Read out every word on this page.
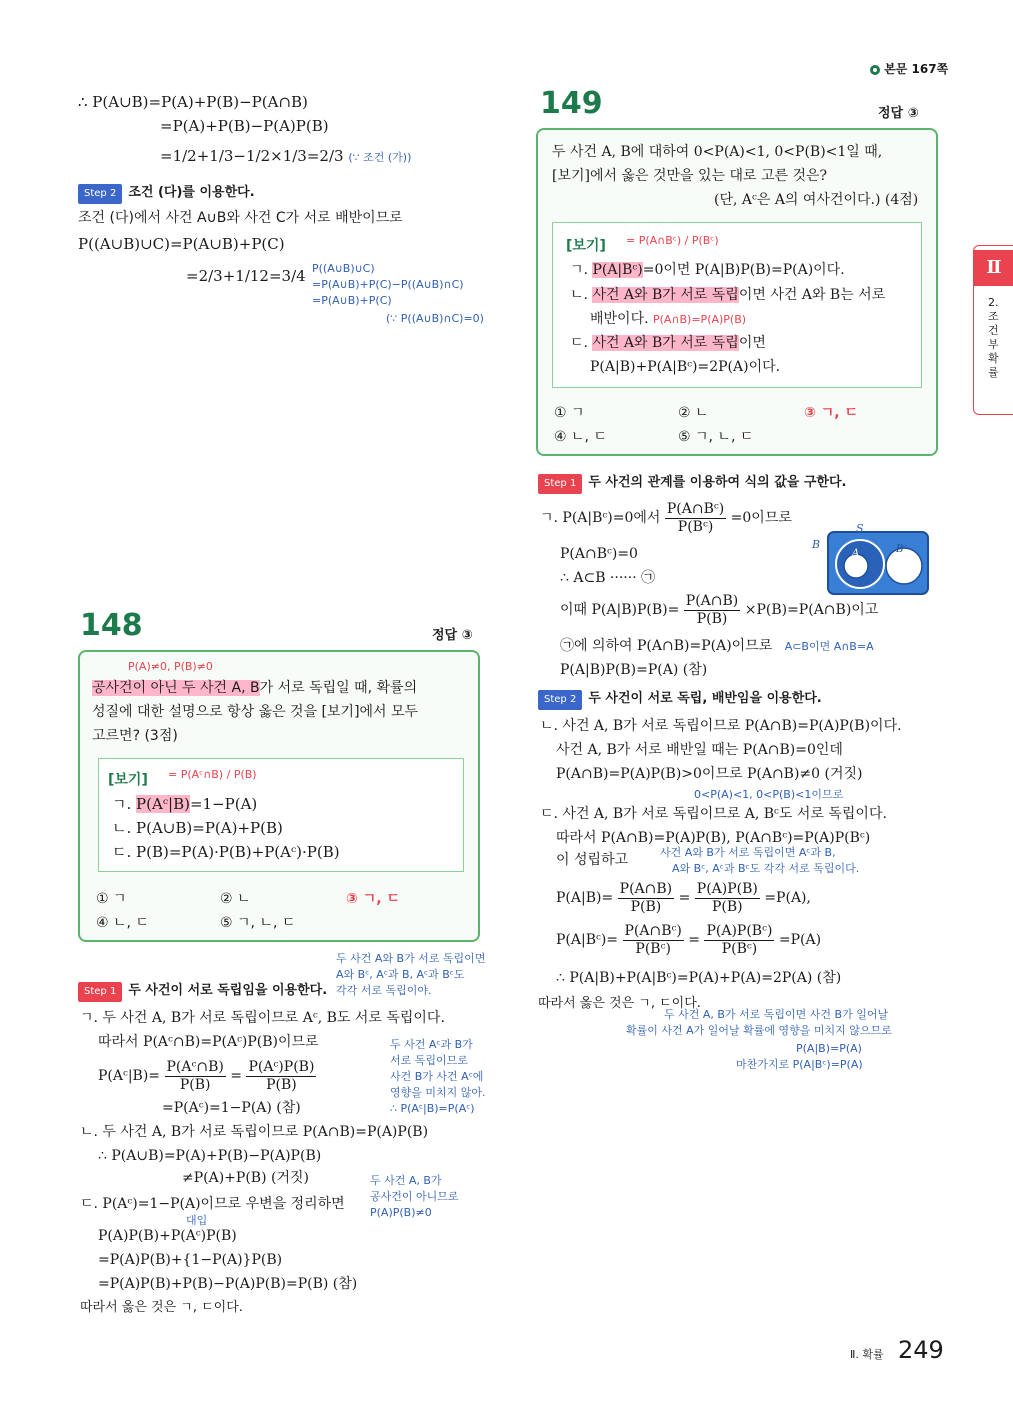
본문 167쪽
Ⅱ
2.조건부확률
∴ P(A∪B)=P(A)+P(B)−P(A∩B)
=P(A)+P(B)−P(A)P(B)
=1/2+1/3−1/2×1/3=2/3 (∵ 조건 (가))
Step 2 조건 (다)를 이용한다.
조건 (다)에서 사건 A∪B와 사건 C가 서로 배반이므로
P((A∪B)∪C)=P(A∪B)+P(C)
=2/3+1/12=3/4 P((A∪B)∪C)
=P(A∪B)+P(C)−P((A∪B)∩C)
=P(A∪B)+P(C)
(∵ P((A∪B)∩C)=0)
148	정답 ③
P(A)≠0, P(B)≠0
공사건이 아닌 두 사건 A, B가 서로 독립일 때, 확률의
성질에 대한 설명으로 항상 옳은 것을 [보기]에서 모두
고르면? (3점)
[보기] = P(Aᶜ∩B) / P(B)
ㄱ. P(Aᶜ|B)=1−P(A)
ㄴ. P(A∪B)=P(A)+P(B)
ㄷ. P(B)=P(A)·P(B)+P(Aᶜ)·P(B)
① ㄱ	② ㄴ	③ ㄱ, ㄷ
④ ㄴ, ㄷ	⑤ ㄱ, ㄴ, ㄷ
두 사건 A와 B가 서로 독립이면
A와 Bᶜ, Aᶜ과 B, Aᶜ과 Bᶜ도
각각 서로 독립이야.
Step 1 두 사건이 서로 독립임을 이용한다.
ㄱ. 두 사건 A, B가 서로 독립이므로 Aᶜ, B도 서로 독립이다.
따라서 P(Aᶜ∩B)=P(Aᶜ)P(B)이므로
P(Aᶜ|B)= $\frac{\text{P(Aᶜ∩B)}}{P(B)} = \frac{\text{P(Aᶜ)P(B)}}{P(B)}$
=P(Aᶜ)=1−P(A) (참)
두 사건 Aᶜ과 B가
서로 독립이므로
사건 B가 사건 Aᶜ에
영향을 미치지 않아.
∴ P(Aᶜ|B)=P(Aᶜ)
ㄴ. 두 사건 A, B가 서로 독립이므로 P(A∩B)=P(A)P(B)
∴ P(A∪B)=P(A)+P(B)−P(A)P(B)
≠P(A)+P(B) (거짓)	두 사건 A, B가
공사건이 아니므로
P(A)P(B)≠0
ㄷ. P(Aᶜ)=1−P(A)이므로 우변을 정리하면
대입
P(A)P(B)+P(Aᶜ)P(B)
=P(A)P(B)+{1−P(A)}P(B)
=P(A)P(B)+P(B)−P(A)P(B)=P(B) (참)
따라서 옳은 것은 ㄱ, ㄷ이다.
149	정답 ③
두 사건 A, B에 대하여 0<P(A)<1, 0<P(B)<1일 때,
[보기]에서 옳은 것만을 있는 대로 고른 것은?
(단, Aᶜ은 A의 여사건이다.) (4점)
[보기] = P(A∩Bᶜ) / P(Bᶜ)
ㄱ. P(A|Bᶜ)=0이면 P(A|B)P(B)=P(A)이다.
ㄴ. 사건 A와 B가 서로 독립이면 사건 A와 B는 서로
배반이다. P(A∩B)=P(A)P(B)
ㄷ. 사건 A와 B가 서로 독립이면
P(A|B)+P(A|Bᶜ)=2P(A)이다.
① ㄱ	② ㄴ	③ ㄱ, ㄷ
④ ㄴ, ㄷ	⑤ ㄱ, ㄴ, ㄷ
Step 1 두 사건의 관계를 이용하여 식의 값을 구한다.
ㄱ. P(A|Bᶜ)=0에서 $\frac{\text{P(A∩Bᶜ)}}{\text{P(Bᶜ)}} =0$이므로
P(A∩Bᶜ)=0
∴ A⊂B ······ ㉠
S
B
A	Bᶜ
이때 $P(A|B)P(B)= \frac{P(A\cap B)}{P(B)}$ ×P(B)=P(A∩B)이고
㉠에 의하여 P(A∩B)=P(A)이므로 A⊂B이면 A∩B=A
P(A|B)P(B)=P(A) (참)
Step 2 두 사건이 서로 독립, 배반임을 이용한다.
ㄴ. 사건 A, B가 서로 독립이므로 P(A∩B)=P(A)P(B)이다.
사건 A, B가 서로 배반일 때는 P(A∩B)=0인데
P(A∩B)=P(A)P(B)>0이므로 P(A∩B)≠0 (거짓)
0<P(A)<1, 0<P(B)<1이므로
ㄷ. 사건 A, B가 서로 독립이므로 A, Bᶜ도 서로 독립이다.
따라서 P(A∩B)=P(A)P(B), P(A∩Bᶜ)=P(A)P(Bᶜ)
이 성립하고	사건 A와 B가 서로 독립이면 Aᶜ과 B,
A와 Bᶜ, Aᶜ과 Bᶜ도 각각 서로 독립이다.
$P(A|B)= \frac{P(A\cap B)}{P(B)} = \frac{P(A)P(B)}{P(B)} =P(A)$,
P(A|Bᶜ)= $\frac{\text{P(A∩Bᶜ)}}{\text{P(Bᶜ)}} = \frac{\text{P(A)P(Bᶜ)}}{\text{P(Bᶜ)}} =P(A)$
∴ P(A|B)+P(A|Bᶜ)=P(A)+P(A)=2P(A) (참)
따라서 옳은 것은 ㄱ, ㄷ이다.
두 사건 A, B가 서로 독립이면 사건 B가 일어날
확률이 사건 A가 일어날 확률에 영향을 미치지 않으므로
P(A|B)=P(A)
마찬가지로 P(A|Bᶜ)=P(A)
Ⅱ. 확률 249
